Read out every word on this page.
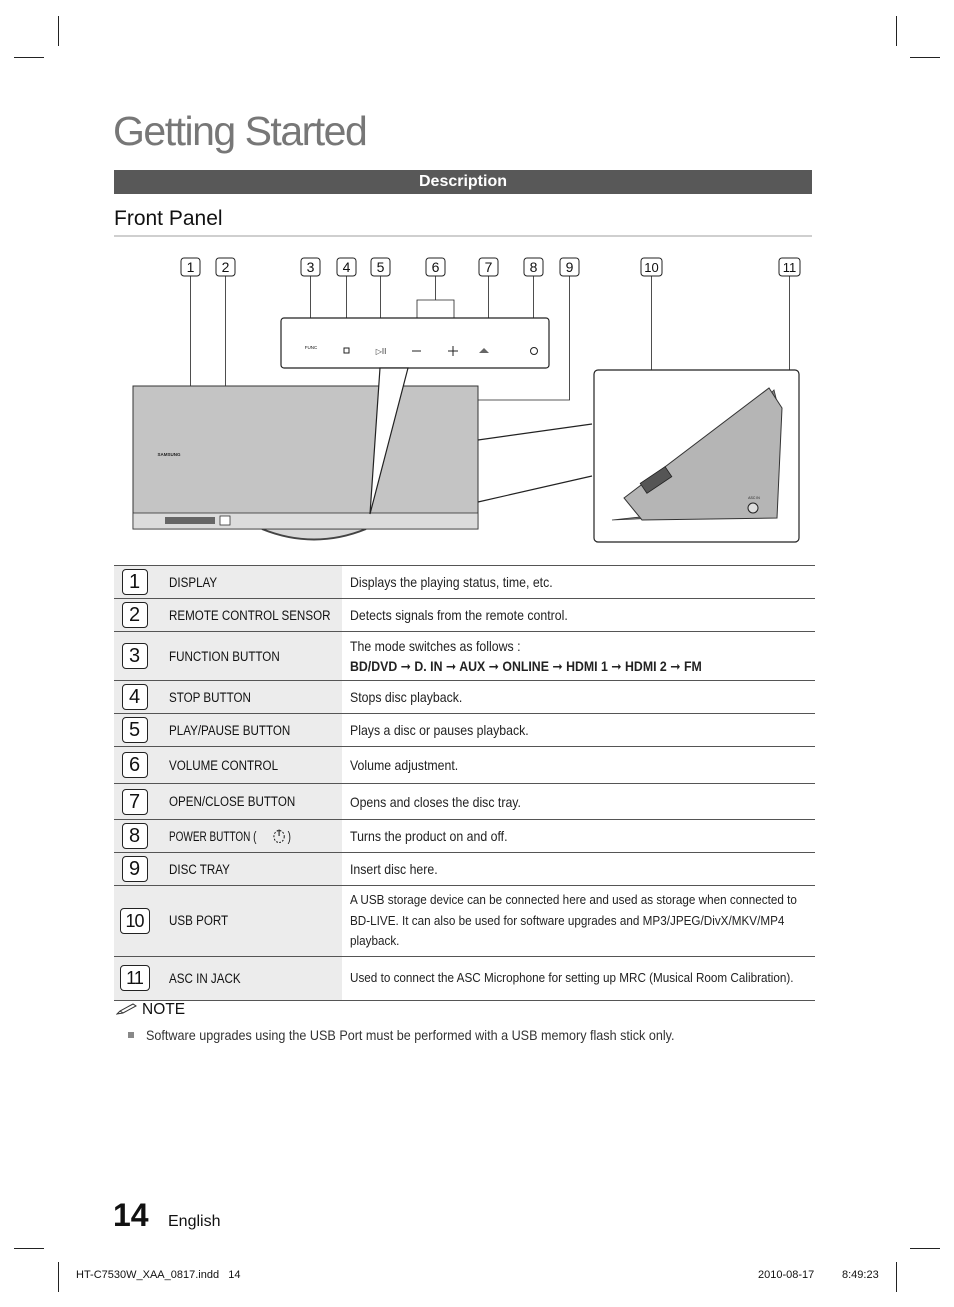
Getting Started
Description
Front Panel
1 2	3 4 5	6	7	8 9	10	11
FUNC	▷II
SAMSUNG
ASC IN
1	DISPLAY	Displays the playing status, time, etc.
2	REMOTE CONTROL SENSOR	Detects signals from the remote control.
3	FUNCTION BUTTON	The mode switches as follows :
BD/DVD ➞ D. IN ➞ AUX ➞ ONLINE ➞ HDMI 1 ➞ HDMI 2 ➞ FM
4	STOP BUTTON	Stops disc playback.
5	PLAY/PAUSE BUTTON	Plays a disc or pauses playback.
6	VOLUME CONTROL	Volume adjustment.
7	OPEN/CLOSE BUTTON	Opens and closes the disc tray.
8	POWER BUTTON ( )	Turns the product on and off.
9	DISC TRAY	Insert disc here.
10	USB PORT	A USB storage device can be connected here and used as storage when connected to BD-LIVE. It can also be used for software upgrades and MP3/JPEG/DivX/MKV/MP4 playback.

11	ASC IN JACK	Used to connect the ASC Microphone for setting up MRC (Musical Room Calibration).
NOTE
Software upgrades using the USB Port must be performed with a USB memory flash stick only.
14 English
HT-C7530W_XAA_0817.indd   14	2010-08-17	8:49:23
